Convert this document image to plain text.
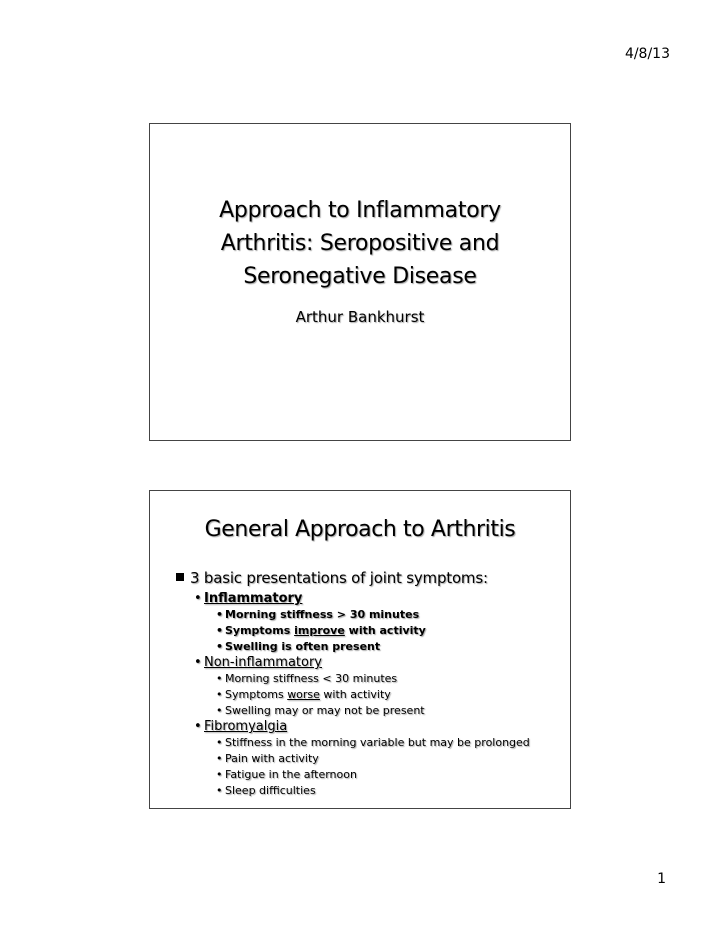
4/8/13
Approach to Inflammatory
Arthritis: Seropositive and
Seronegative Disease
Arthur Bankhurst
General Approach to Arthritis
3 basic presentations of joint symptoms:
• Inflammatory
• Morning stiffness > 30 minutes
• Symptoms improve with activity
• Swelling is often present
• Non-inflammatory
• Morning stiffness < 30 minutes
• Symptoms worse with activity
• Swelling may or may not be present
• Fibromyalgia
• Stiffness in the morning variable but may be prolonged
• Pain with activity
• Fatigue in the afternoon
• Sleep difficulties
1
